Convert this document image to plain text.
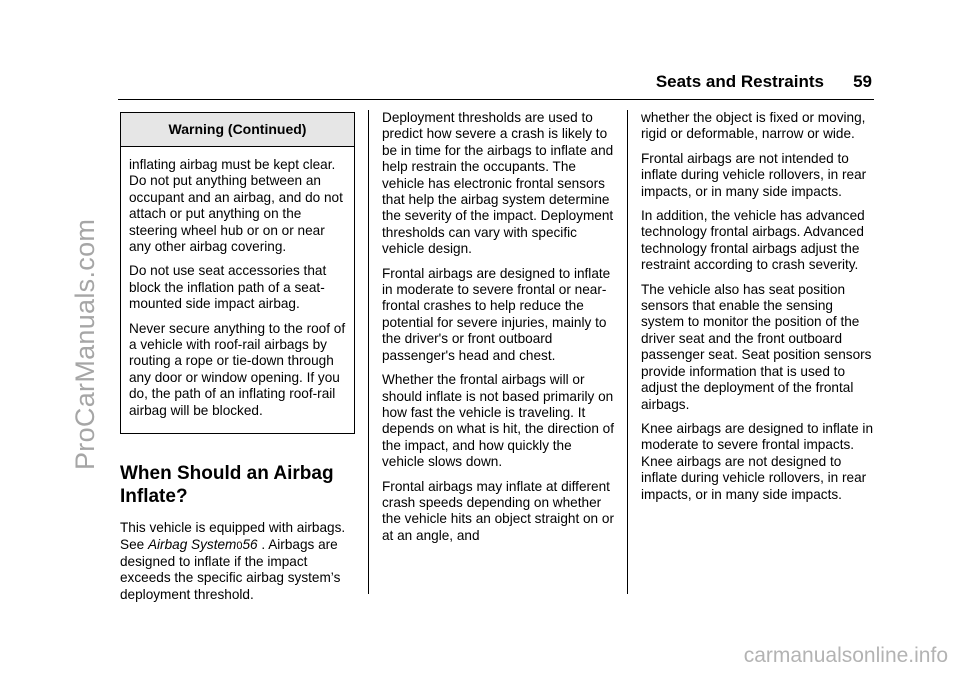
ProCarManuals.com
Seats and Restraints 59
Warning (Continued)

inflating airbag must be kept clear. Do not put anything between an occupant and an airbag, and do not attach or put anything on the steering wheel hub or on or near any other airbag covering.

Do not use seat accessories that block the inflation path of a seat-mounted side impact airbag.

Never secure anything to the roof of a vehicle with roof-rail airbags by routing a rope or tie-down through any door or window opening. If you do, the path of an inflating roof-rail airbag will be blocked.

When Should an Airbag Inflate?

This vehicle is equipped with airbags. See Airbag System056 . Airbags are designed to inflate if the impact exceeds the specific airbag system’s deployment threshold.

Deployment thresholds are used to predict how severe a crash is likely to be in time for the airbags to inflate and help restrain the occupants. The vehicle has electronic frontal sensors that help the airbag system determine the severity of the impact. Deployment thresholds can vary with specific vehicle design.

Frontal airbags are designed to inflate in moderate to severe frontal or near-frontal crashes to help reduce the potential for severe injuries, mainly to the driver's or front outboard passenger's head and chest.

Whether the frontal airbags will or should inflate is not based primarily on how fast the vehicle is traveling. It depends on what is hit, the direction of the impact, and how quickly the vehicle slows down.

Frontal airbags may inflate at different crash speeds depending on whether the vehicle hits an object straight on or at an angle, and

whether the object is fixed or moving, rigid or deformable, narrow or wide.

Frontal airbags are not intended to inflate during vehicle rollovers, in rear impacts, or in many side impacts.

In addition, the vehicle has advanced technology frontal airbags. Advanced technology frontal airbags adjust the restraint according to crash severity.

The vehicle also has seat position sensors that enable the sensing system to monitor the position of the driver seat and the front outboard passenger seat. Seat position sensors provide information that is used to adjust the deployment of the frontal airbags.

Knee airbags are designed to inflate in moderate to severe frontal impacts. Knee airbags are not designed to inflate during vehicle rollovers, in rear impacts, or in many side impacts.

carmanualsonline.info
